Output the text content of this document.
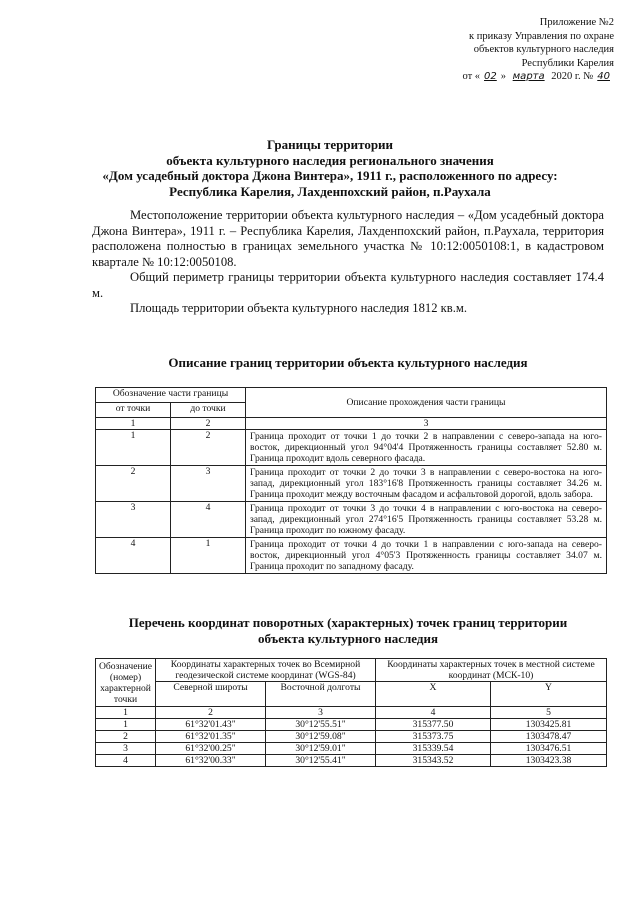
Приложение №2
к приказу Управления по охране
объектов культурного наследия
Республики Карелия
от « 02 » марта 2020 г. № 40
Границы территории
объекта культурного наследия регионального значения
«Дом усадебный доктора Джона Винтера», 1911 г., расположенного по адресу:
Республика Карелия, Лахденпохский район, п.Раухала

Местоположение территории объекта культурного наследия – «Дом усадебный доктора Джона Винтера», 1911 г. – Республика Карелия, Лахденпохский район, п.Раухала, территория расположена полностью в границах земельного участка № 10:12:0050108:1, в кадастровом квартале № 10:12:0050108.

Общий периметр границы территории объекта культурного наследия составляет 174.4 м.

Площадь территории объекта культурного наследия 1812 кв.м.

Описание границ территории объекта культурного наследия
Обозначение части границы		Описание прохождения части границы
от точки	до точки	
1	2	3
1	2	Граница проходит от точки 1 до точки 2 в направлении с северо-запада на юго-восток, дирекционный угол 94°04'4 Протяженность границы составляет 52.80 м. Граница проходит вдоль северного фасада.
2	3	Граница проходит от точки 2 до точки 3 в направлении с северо-востока на юго-запад, дирекционный угол 183°16'8 Протяженность границы составляет 34.26 м. Граница проходит между восточным фасадом и асфальтовой дорогой, вдоль забора.
3	4	Граница проходит от точки 3 до точки 4 в направлении с юго-востока на северо-запад, дирекционный угол 274°16'5 Протяженность границы составляет 53.28 м. Граница проходит по южному фасаду.
4	1	Граница проходит от точки 4 до точки 1 в направлении с юго-запада на северо-восток, дирекционный угол 4°05'3 Протяженность границы составляет 34.07 м. Граница проходит по западному фасаду.
Перечень координат поворотных (характерных) точек границ территории
объекта культурного наследия
Обозначение (номер) характерной точки	Координаты характерных точек во Всемирной геодезической системе координат (WGS-84)		Координаты характерных точек в местной системе координат (МСК-10)	
	Северной широты	Восточной долготы	X	Y
1	2	3	4	5
1	61°32'01.43"	30°12'55.51"	315377.50	1303425.81
2	61°32'01.35"	30°12'59.08"	315373.75	1303478.47
3	61°32'00.25"	30°12'59.01"	315339.54	1303476.51
4	61°32'00.33"	30°12'55.41"	315343.52	1303423.38
